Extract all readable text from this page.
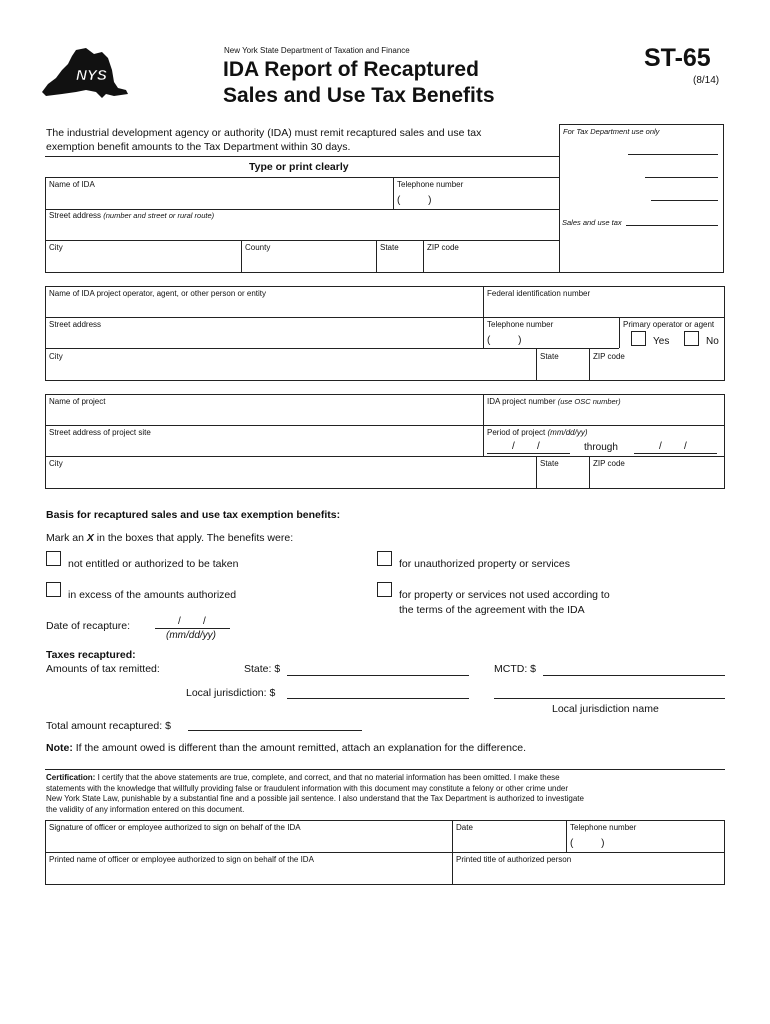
NYS
New York State Department of Taxation and Finance
IDA Report of Recaptured
Sales and Use Tax Benefits
ST-65
(8/14)
The industrial development agency or authority (IDA) must remit recaptured sales and use tax
exemption benefit amounts to the Tax Department within 30 days.
Type or print clearly
For Tax Department use only
Sales and use tax
Name of IDA	Telephone number
(          )
Street address (number and street or rural route)
City	County	State	ZIP code
Name of IDA project operator, agent, or other person or entity	Federal identification number
Street address	Telephone number
(          )
Primary operator or agent
Yes	No
City	State	ZIP code
Name of project	IDA project number (use OSC number)
Street address of project site	Period of project (mm/dd/yy)
/        /	through	/        /
City	State	ZIP code
Basis for recaptured sales and use tax exemption benefits:
Mark an X in the boxes that apply. The benefits were:
not entitled or authorized to be taken	for unauthorized property or services
in excess of the amounts authorized	for property or services not used according to
the terms of the agreement with the IDA
Date of recapture:	/        /
(mm/dd/yy)
Taxes recaptured:
Amounts of tax remitted:	State: $	MCTD: $
Local jurisdiction: $
Local jurisdiction name
Total amount recaptured: $
Note: If the amount owed is different than the amount remitted, attach an explanation for the difference.
Certification: I certify that the above statements are true, complete, and correct, and that no material information has been omitted. I make these
statements with the knowledge that willfully providing false or fraudulent information with this document may constitute a felony or other crime under
New York State Law, punishable by a substantial fine and a possible jail sentence. I also understand that the Tax Department is authorized to investigate
the validity of any information entered on this document.
Signature of officer or employee authorized to sign on behalf of the IDA	Date	Telephone number
(          )
Printed name of officer or employee authorized to sign on behalf of the IDA	Printed title of authorized person
